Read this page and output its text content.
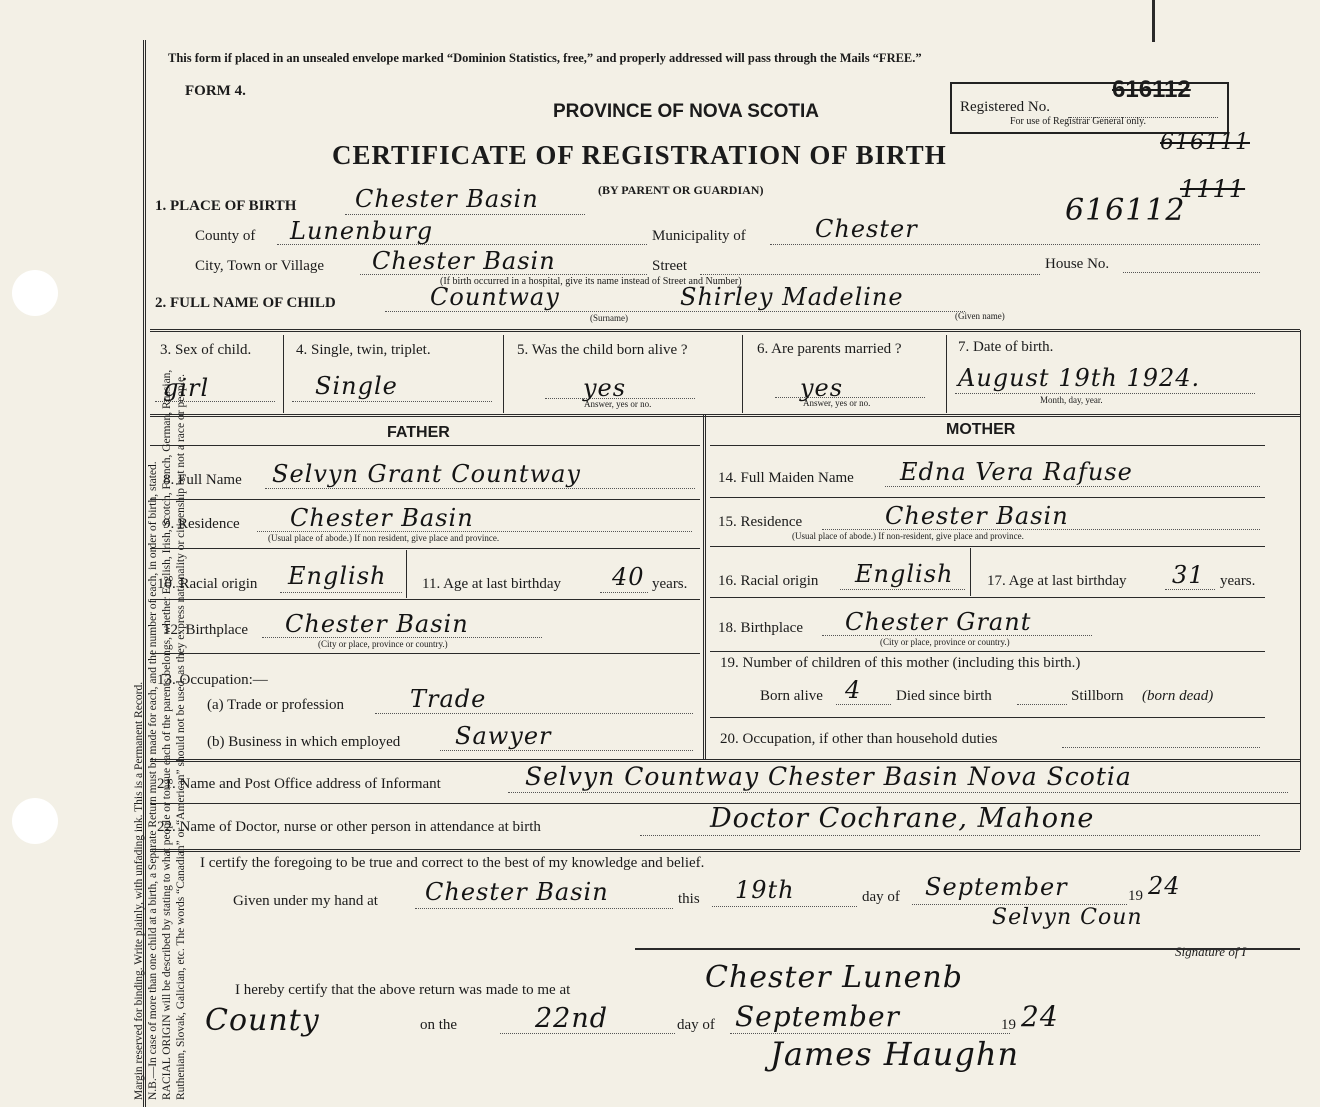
Margin reserved for binding. Write plainly, with unfading ink. This is a Permanent Record. N.B.—In case of more than one child at a birth, a Separate Return must be made for each, and the number of each, in order of birth, stated. RACIAL ORIGIN will be described by stating to what people or tongue each of the parents belongs, whether English, Irish, Scotch, French, German, Russian, Ruthenian, Slovak, Galician, etc. The words “Canadian” or “American” should not be used, as they express nationality or citizenship but not a race or people.
This form if placed in an unsealed envelope marked “Dominion Statistics, free,” and properly addressed will pass through the Mails “FREE.”
FORM 4.
PROVINCE OF NOVA SCOTIA
CERTIFICATE OF REGISTRATION OF BIRTH
(BY PARENT OR GUARDIAN)
Registered No.
616112
For use of Registrar General only.
616111
616112
1111
1. PLACE OF BIRTH Chester Basin
County of Lunenburg	Municipality of	Chester
City, Town or Village Chester Basin	Street	House No.
(If birth occurred in a hospital, give its name instead of Street and Number)
2. FULL NAME OF CHILD	Countway	Shirley Madeline
(Surname)	(Given name)
3. Sex of child.
girl
4. Single, twin, triplet.
Single
5. Was the child born alive ?
yes
Answer, yes or no.
6. Are parents married ?
yes
Answer, yes or no.
7. Date of birth.
August 19th 1924.
Month, day, year.
FATHER	MOTHER
8. Full Name Selvyn Grant Countway
9. Residence Chester Basin
(Usual place of abode.) If non resident, give place and province.
10. Racial origin English 11. Age at last birthday 40 years.
12. Birthplace Chester Basin
(City or place, province or country.)
13. Occupation:—
(a) Trade or profession	Trade
(b) Business in which employed Sawyer
14. Full Maiden Name Edna Vera Rafuse
15. Residence	Chester Basin
(Usual place of abode.) If non-resident, give place and province.
16. Racial origin English 17. Age at last birthday 31 years.
18. Birthplace Chester Grant
(City or place, province or country.)
19. Number of children of this mother (including this birth.)
Born alive 4 Died since birth	Stillborn (born dead)
20. Occupation, if other than household duties
21. Name and Post Office address of Informant	Selvyn Countway Chester Basin Nova Scotia
22. Name of Doctor, nurse or other person in attendance at birth	Doctor Cochrane, Mahone
I certify the foregoing to be true and correct to the best of my knowledge and belief.
Given under my hand at Chester Basin	this 19th	day of September	19 24
Selvyn Coun
Signature of I
I hereby certify that the above return was made to me at	Chester Lunenb
County	on the	22nd	day of September	19 24
James Haughn
